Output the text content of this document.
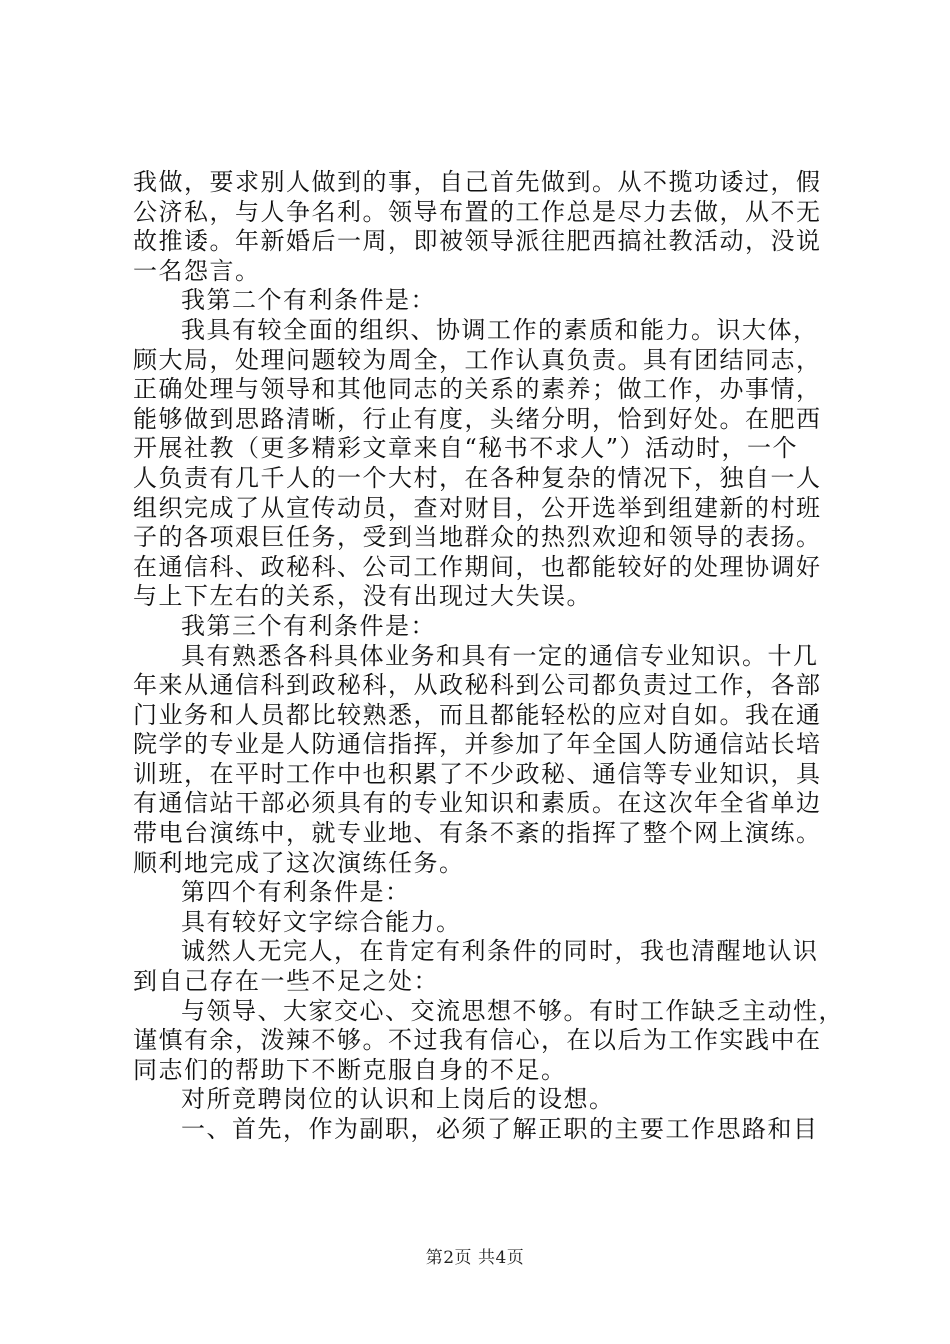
我做，要求别人做到的事，自己首先做到。从不揽功诿过，假

公济私，与人争名利。领导布置的工作总是尽力去做，从不无

故推诿。年新婚后一周，即被领导派往肥西搞社教活动，没说

一名怨言。

我第二个有利条件是：

我具有较全面的组织、协调工作的素质和能力。识大体，

顾大局，处理问题较为周全，工作认真负责。具有团结同志，

正确处理与领导和其他同志的关系的素养；做工作，办事情，

能够做到思路清晰，行止有度，头绪分明，恰到好处。在肥西

开展社教（更多精彩文章来自“秘书不求人”）活动时，一个

人负责有几千人的一个大村，在各种复杂的情况下，独自一人

组织完成了从宣传动员，查对财目，公开选举到组建新的村班

子的各项艰巨任务，受到当地群众的热烈欢迎和领导的表扬。

在通信科、政秘科、公司工作期间，也都能较好的处理协调好

与上下左右的关系，没有出现过大失误。

我第三个有利条件是：

具有熟悉各科具体业务和具有一定的通信专业知识。十几

年来从通信科到政秘科，从政秘科到公司都负责过工作，各部

门业务和人员都比较熟悉，而且都能轻松的应对自如。我在通

院学的专业是人防通信指挥，并参加了年全国人防通信站长培

训班，在平时工作中也积累了不少政秘、通信等专业知识，具

有通信站干部必须具有的专业知识和素质。在这次年全省单边

带电台演练中，就专业地、有条不紊的指挥了整个网上演练。

顺利地完成了这次演练任务。

第四个有利条件是：

具有较好文字综合能力。

诚然人无完人，在肯定有利条件的同时，我也清醒地认识

到自己存在一些不足之处：

与领导、大家交心、交流思想不够。有时工作缺乏主动性，

谨慎有余，泼辣不够。不过我有信心，在以后为工作实践中在

同志们的帮助下不断克服自身的不足。

对所竞聘岗位的认识和上岗后的设想。

一、首先，作为副职，必须了解正职的主要工作思路和目

第2页 共4页
